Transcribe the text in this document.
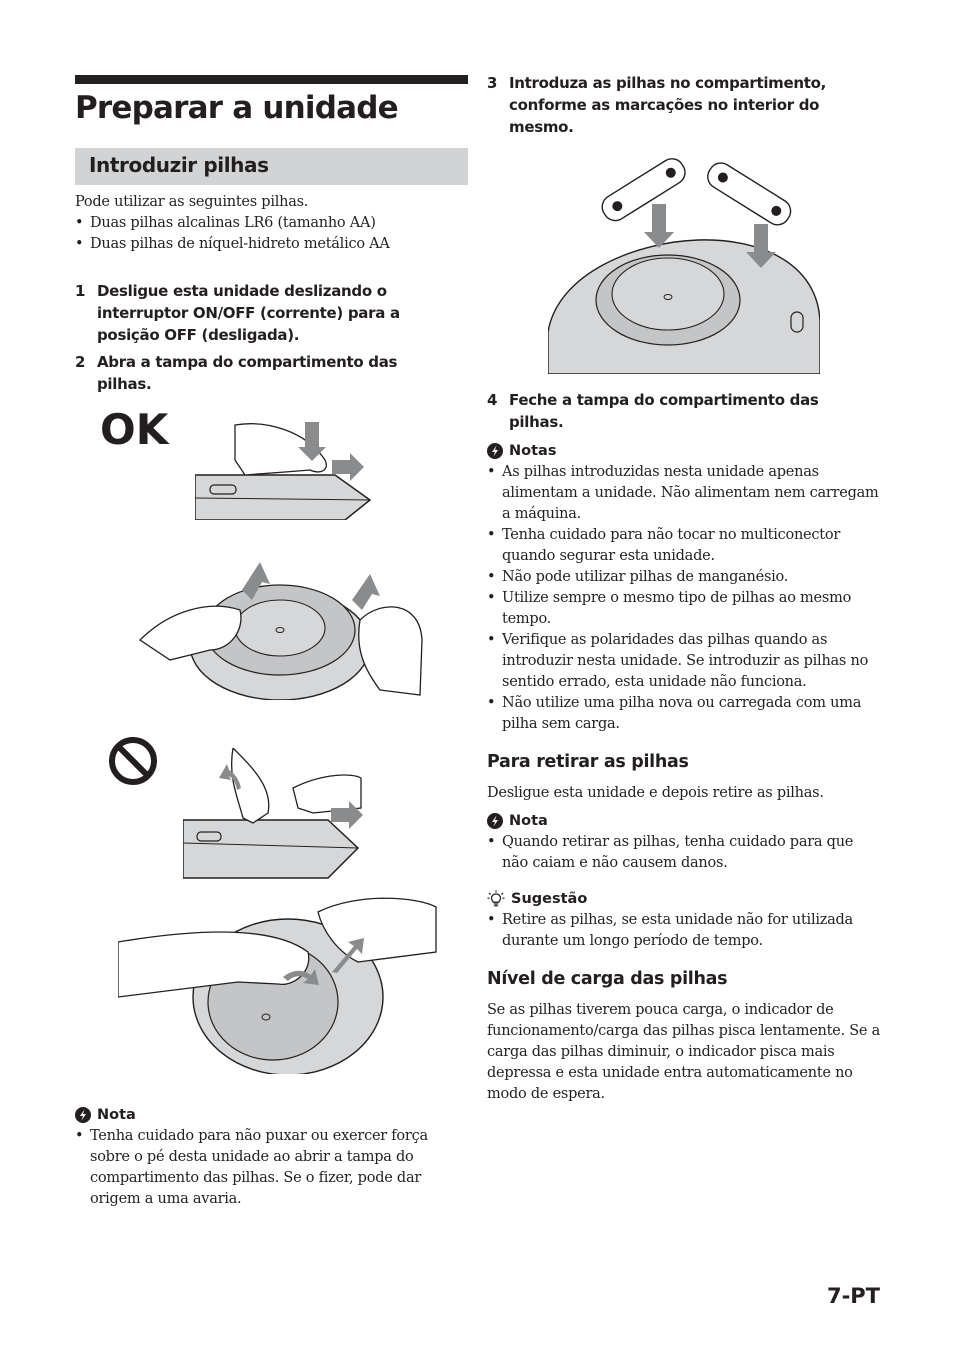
Preparar a unidade
Introduzir pilhas
Pode utilizar as seguintes pilhas.
• Duas pilhas alcalinas LR6 (tamanho AA)
• Duas pilhas de níquel-hidreto metálico AA
1 Desligue esta unidade deslizando o interruptor ON/OFF (corrente) para a posição OFF (desligada).
2 Abra a tampa do compartimento das pilhas.
OK
Nota
• Tenha cuidado para não puxar ou exercer força sobre o pé desta unidade ao abrir a tampa do compartimento das pilhas. Se o fizer, pode dar origem a uma avaria.
3 Introduza as pilhas no compartimento, conforme as marcações no interior do mesmo.
−
+
4 Feche a tampa do compartimento das pilhas.
Notas
• As pilhas introduzidas nesta unidade apenas alimentam a unidade. Não alimentam nem carregam a máquina.
• Tenha cuidado para não tocar no multiconector quando segurar esta unidade.
• Não pode utilizar pilhas de manganésio.
• Utilize sempre o mesmo tipo de pilhas ao mesmo tempo.
• Verifique as polaridades das pilhas quando as introduzir nesta unidade. Se introduzir as pilhas no sentido errado, esta unidade não funciona.
• Não utilize uma pilha nova ou carregada com uma pilha sem carga.
Para retirar as pilhas
Desligue esta unidade e depois retire as pilhas.
Nota
• Quando retirar as pilhas, tenha cuidado para que não caiam e não causem danos.
Sugestão
• Retire as pilhas, se esta unidade não for utilizada durante um longo período de tempo.
Nível de carga das pilhas
Se as pilhas tiverem pouca carga, o indicador de funcionamento/carga das pilhas pisca lentamente. Se a carga das pilhas diminuir, o indicador pisca mais depressa e esta unidade entra automaticamente no modo de espera.
7-PT
